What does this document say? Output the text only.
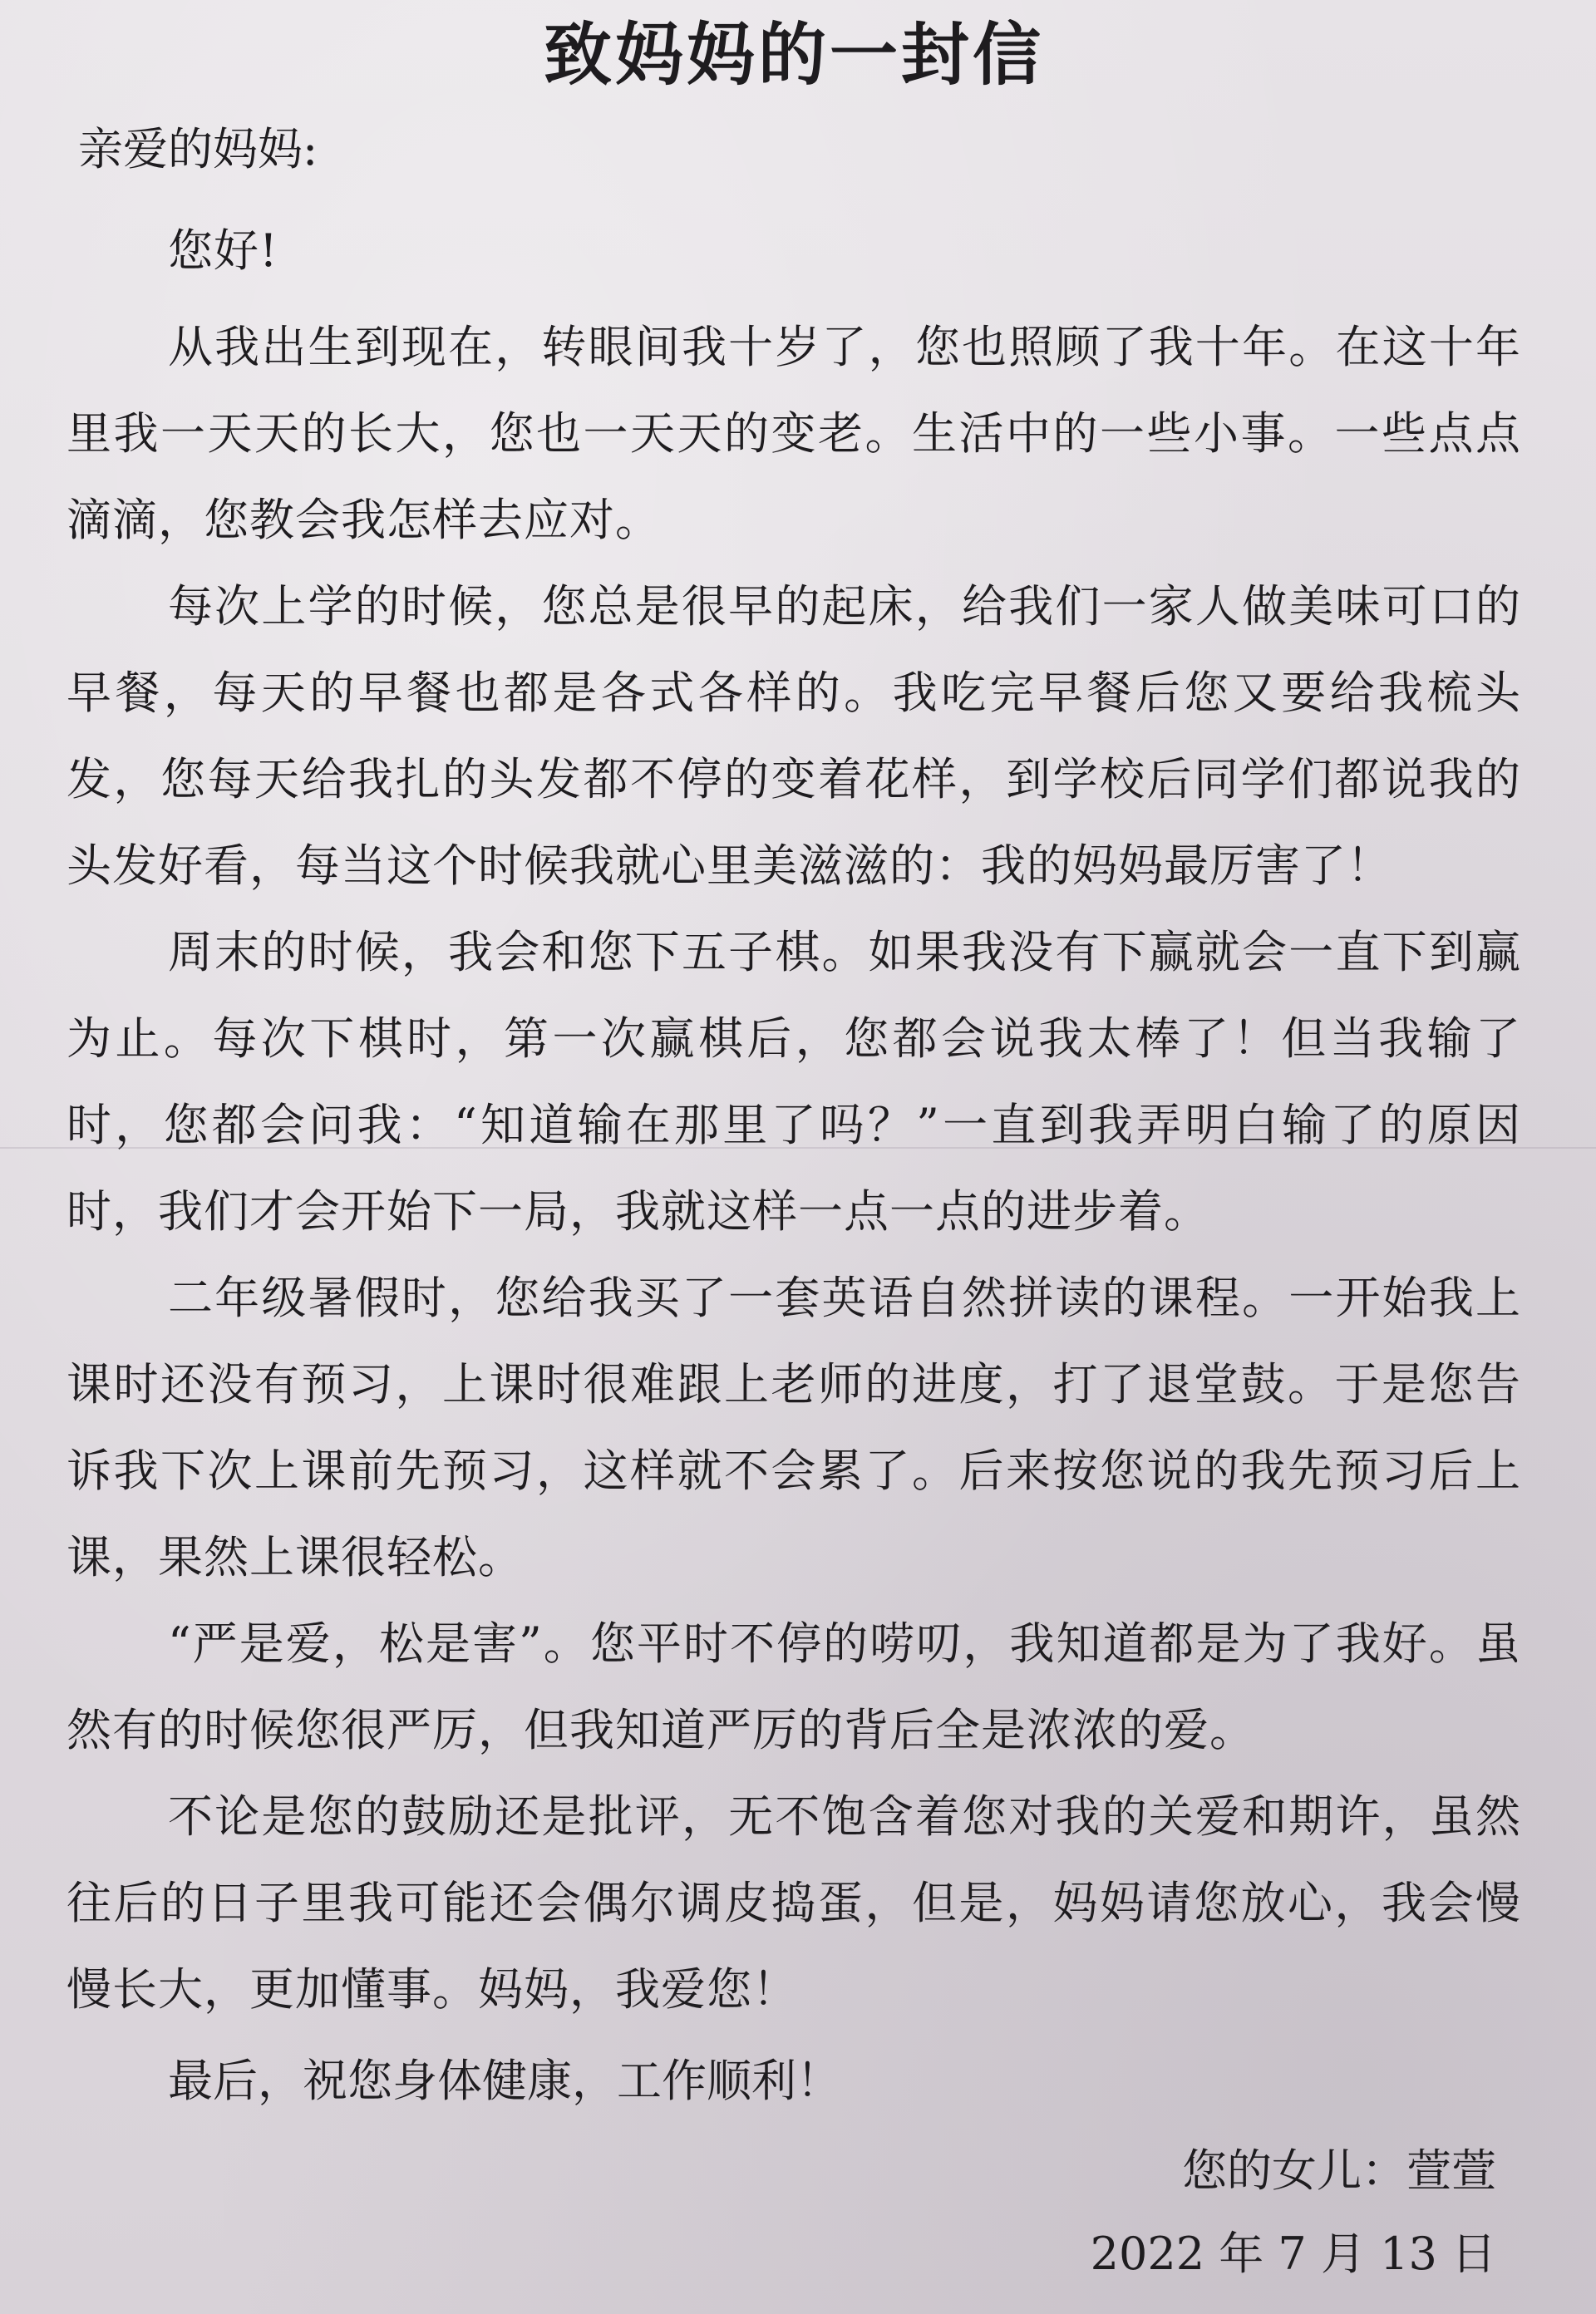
致妈妈的一封信

亲爱的妈妈:

您好!

从我出生到现在，转眼间我十岁了，您也照顾了我十年。在这十年里我一天天的长大，您也一天天的变老。生活中的一些小事。一些点点滴滴，您教会我怎样去应对。

每次上学的时候，您总是很早的起床，给我们一家人做美味可口的早餐，每天的早餐也都是各式各样的。我吃完早餐后您又要给我梳头发，您每天给我扎的头发都不停的变着花样，到学校后同学们都说我的头发好看，每当这个时候我就心里美滋滋的：我的妈妈最厉害了！

周末的时候，我会和您下五子棋。如果我没有下赢就会一直下到赢为止。每次下棋时，第一次赢棋后，您都会说我太棒了！但当我输了时，您都会问我：“知道输在那里了吗？”一直到我弄明白输了的原因时，我们才会开始下一局，我就这样一点一点的进步着。

二年级暑假时，您给我买了一套英语自然拼读的课程。一开始我上课时还没有预习，上课时很难跟上老师的进度，打了退堂鼓。于是您告诉我下次上课前先预习，这样就不会累了。后来按您说的我先预习后上课，果然上课很轻松。

“严是爱，松是害”。您平时不停的唠叨，我知道都是为了我好。虽然有的时候您很严厉，但我知道严厉的背后全是浓浓的爱。

不论是您的鼓励还是批评，无不饱含着您对我的关爱和期许，虽然往后的日子里我可能还会偶尔调皮捣蛋，但是，妈妈请您放心，我会慢慢长大，更加懂事。妈妈，我爱您！

最后，祝您身体健康，工作顺利！

您的女儿：萱萱

2022 年 7 月 13 日
